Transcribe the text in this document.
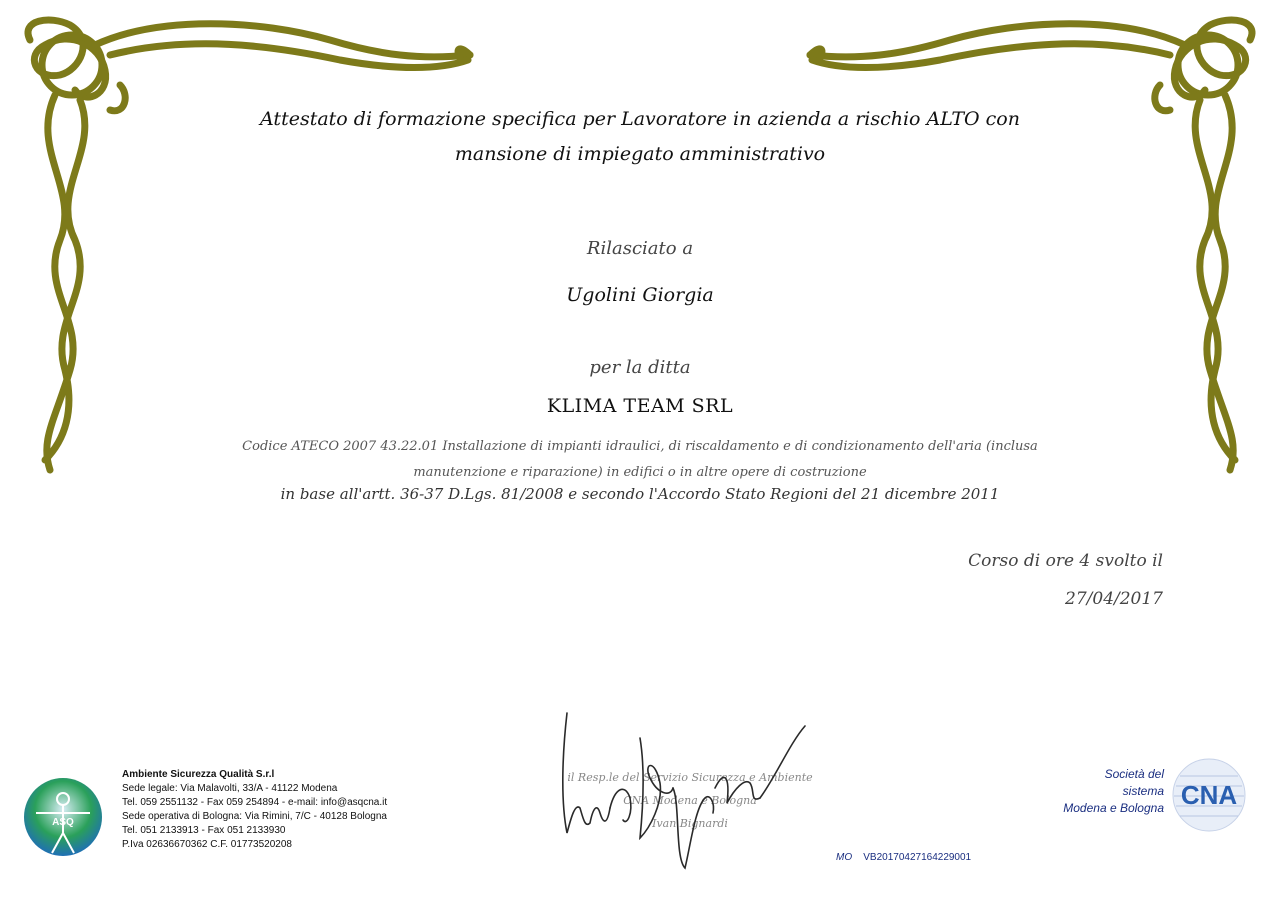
Attestato di formazione specifica per Lavoratore in azienda a rischio ALTO con
mansione di impiegato amministrativo
Rilasciato a
Ugolini Giorgia
per la ditta
KLIMA TEAM SRL
Codice ATECO 2007 43.22.01 Installazione di impianti idraulici, di riscaldamento e di condizionamento dell'aria (inclusa
manutenzione e riparazione) in edifici o in altre opere di costruzione
in base all'artt. 36-37 D.Lgs. 81/2008 e secondo l'Accordo Stato Regioni del 21 dicembre 2011
Corso di ore 4 svolto il
27/04/2017
ASQ
Ambiente Sicurezza Qualità S.r.l
Sede legale: Via Malavolti, 33/A - 41122 Modena
Tel. 059 2551132 - Fax 059 254894 - e-mail: info@asqcna.it
Sede operativa di Bologna: Via Rimini, 7/C - 40128 Bologna
Tel. 051 2133913 - Fax 051 2133930
P.Iva 02636670362 C.F. 01773520208
il Resp.le del Servizio Sicurezza e Ambiente
CNA Modena e Bologna
Ivan Bignardi
Società del
sistema
Modena e Bologna CNA
MO VB20170427164229001
